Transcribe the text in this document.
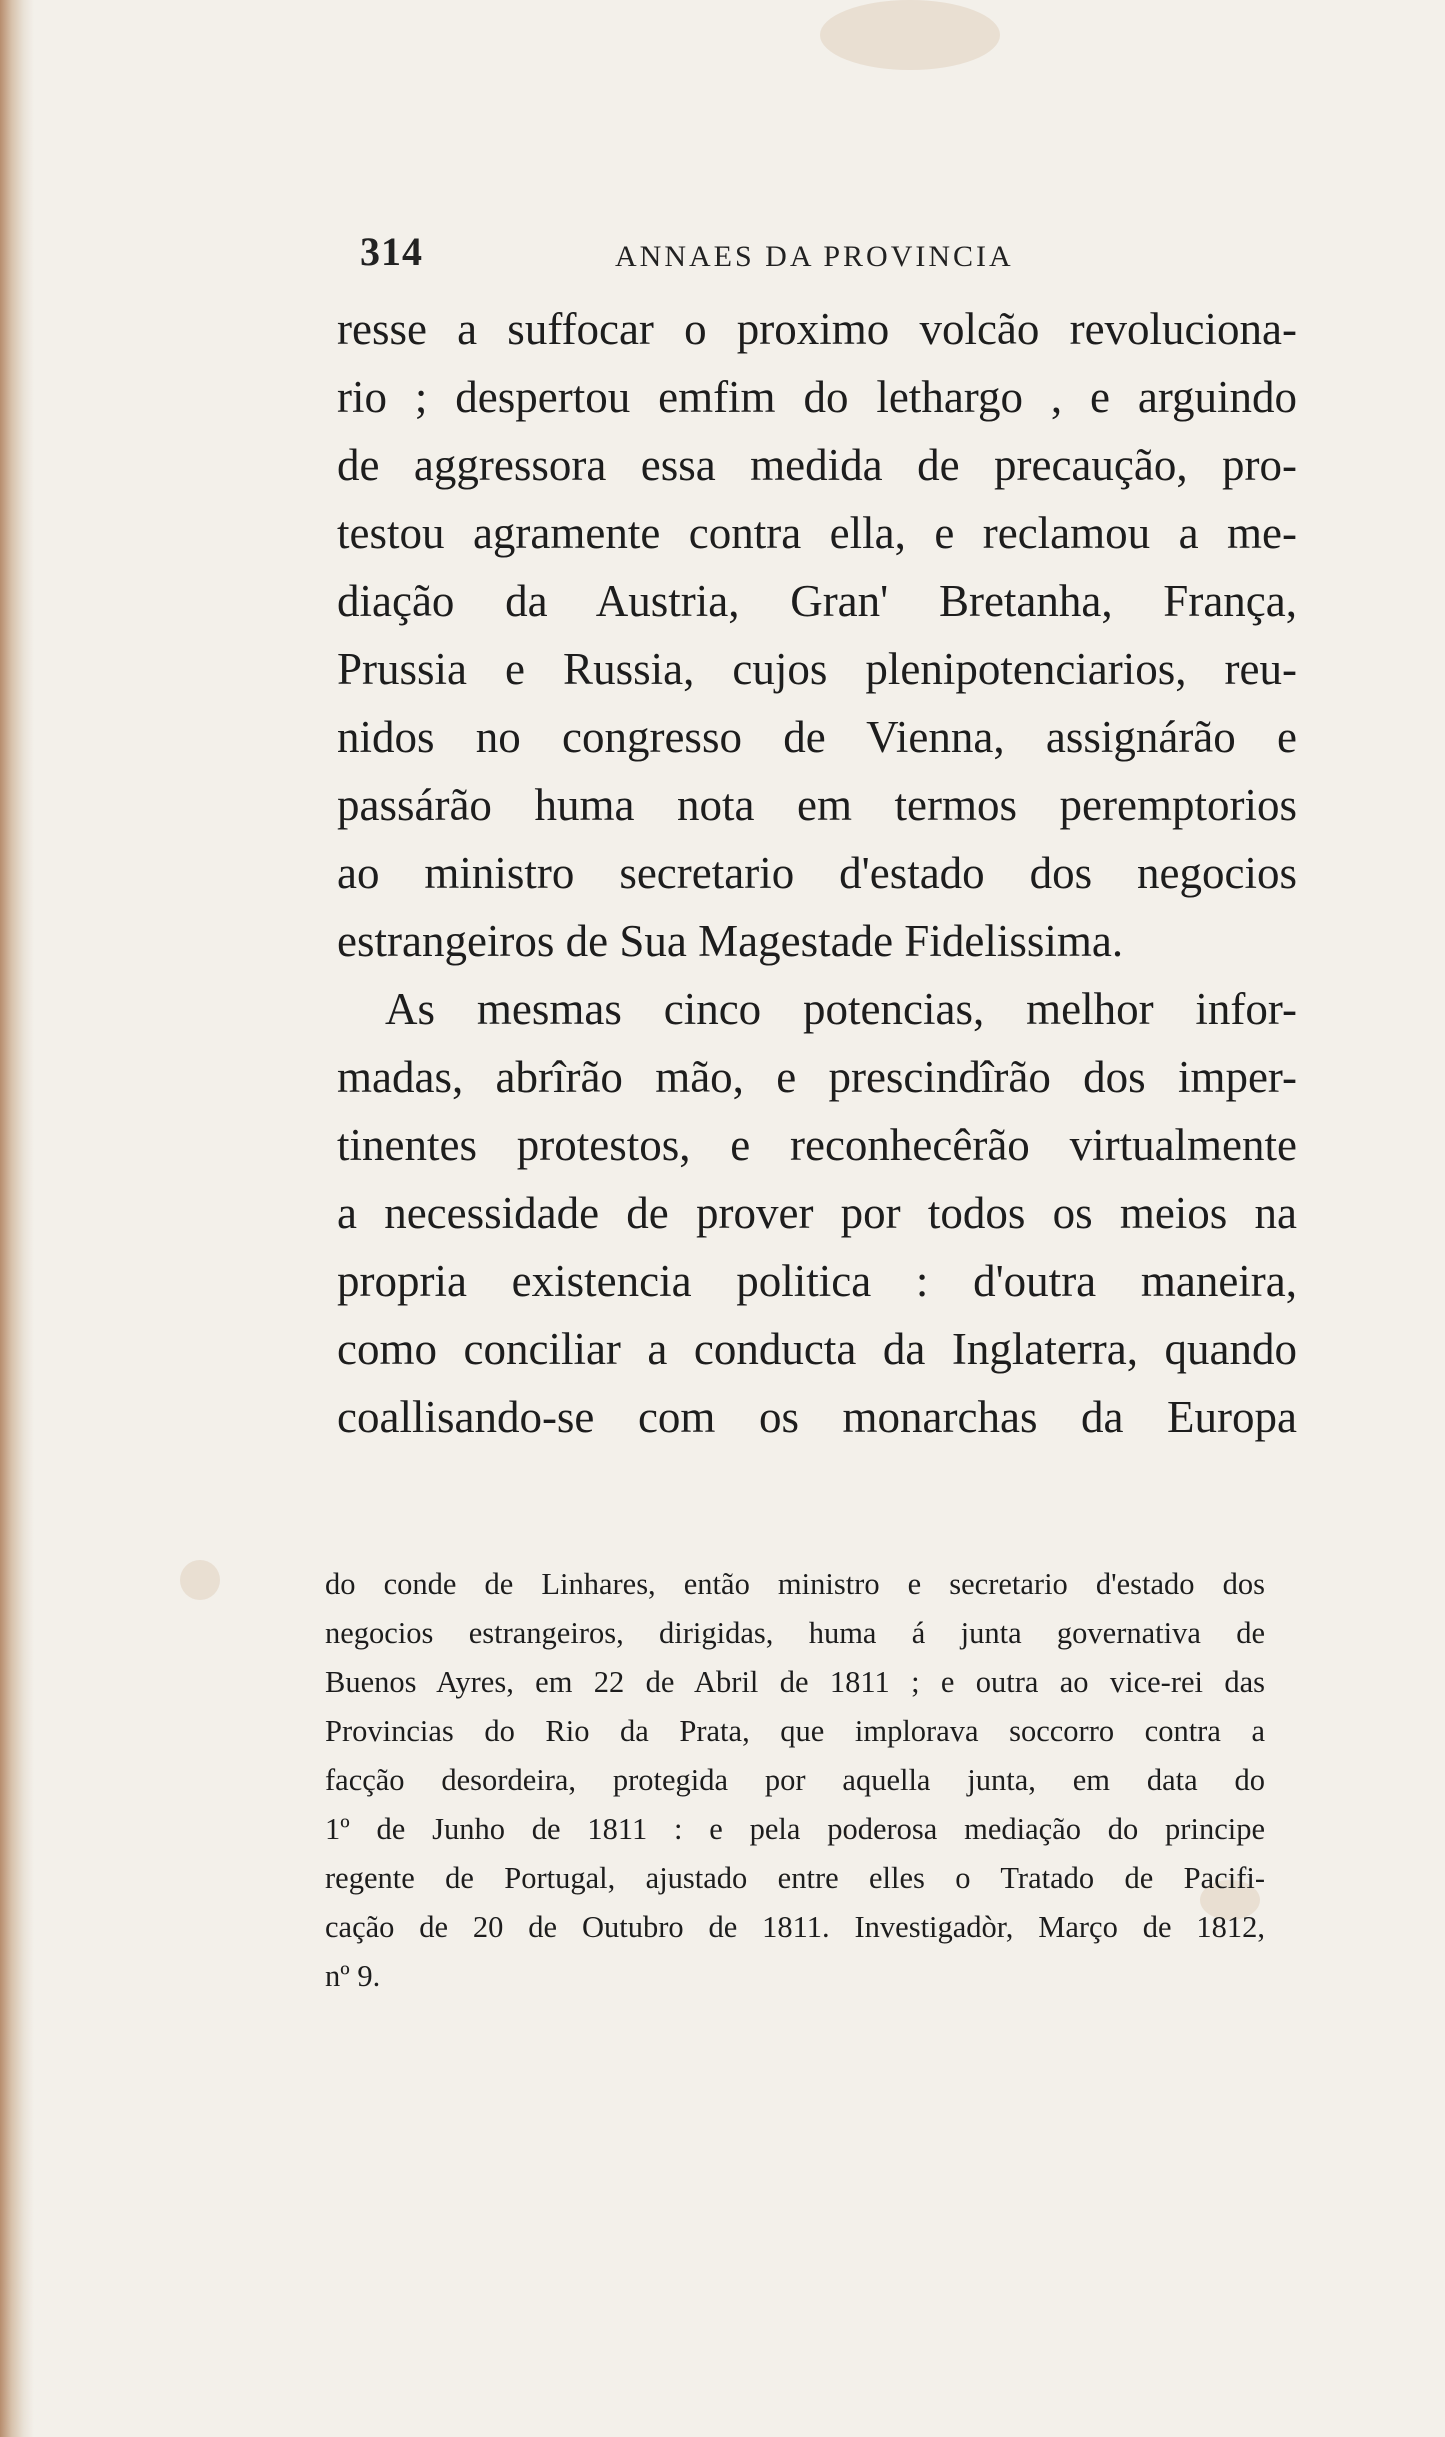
314	ANNAES DA PROVINCIA
resse a suffocar o proximo volcão revoluciona-
rio ; despertou emfim do lethargo , e arguindo
de aggressora essa medida de precaução, pro-
testou agramente contra ella, e reclamou a me-
diação da Austria, Gran' Bretanha, França,
Prussia e Russia, cujos plenipotenciarios, reu-
nidos no congresso de Vienna, assignárão e
passárão huma nota em termos peremptorios
ao ministro secretario d'estado dos negocios
estrangeiros de Sua Magestade Fidelissima.
As mesmas cinco potencias, melhor infor-
madas, abrîrão mão, e prescindîrão dos imper-
tinentes protestos, e reconhecêrão virtualmente
a necessidade de prover por todos os meios na
propria existencia politica : d'outra maneira,
como conciliar a conducta da Inglaterra, quando
coallisando-se com os monarchas da Europa
do conde de Linhares, então ministro e secretario d'estado dos
negocios estrangeiros, dirigidas, huma á junta governativa de
Buenos Ayres, em 22 de Abril de 1811 ; e outra ao vice-rei das
Provincias do Rio da Prata, que implorava soccorro contra a
facção desordeira, protegida por aquella junta, em data do
1º de Junho de 1811 : e pela poderosa mediação do principe
regente de Portugal, ajustado entre elles o Tratado de Pacifi-
cação de 20 de Outubro de 1811. Investigadòr, Março de 1812,
nº 9.
